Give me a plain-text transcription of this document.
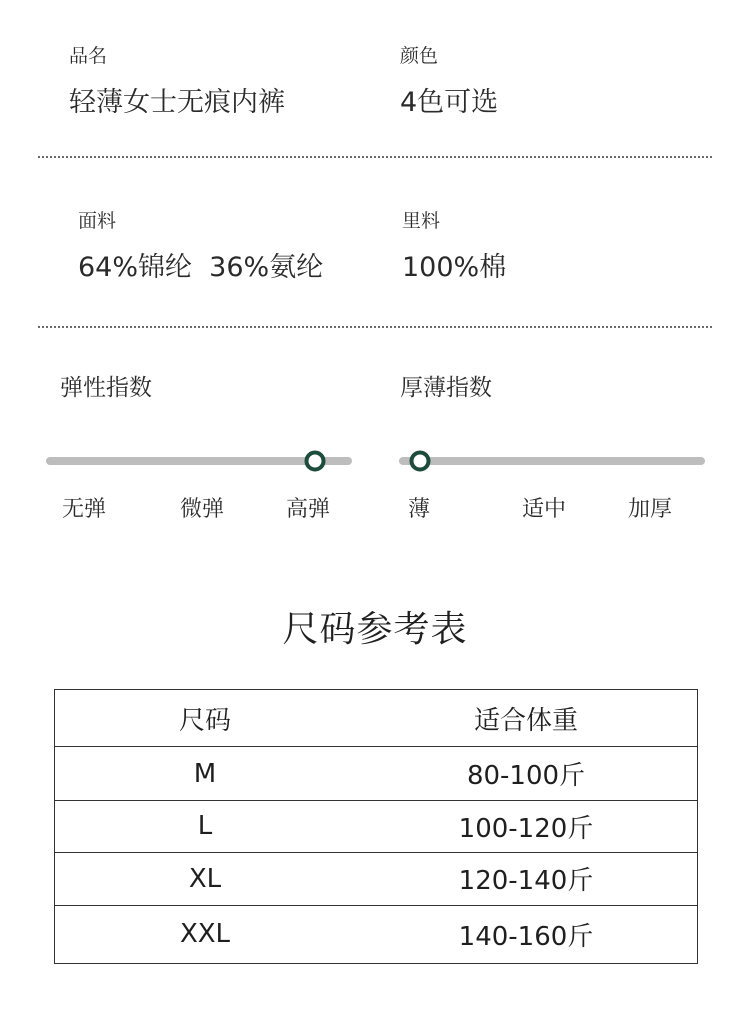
品名
轻薄女士无痕内裤
颜色
4色可选
面料
64%锦纶  36%氨纶
里料
100%棉
弹性指数
无弹	微弹	高弹
厚薄指数
薄	适中	加厚
尺码参考表
尺码	适合体重
M	80-100斤
L	100-120斤
XL	120-140斤
XXL	140-160斤
